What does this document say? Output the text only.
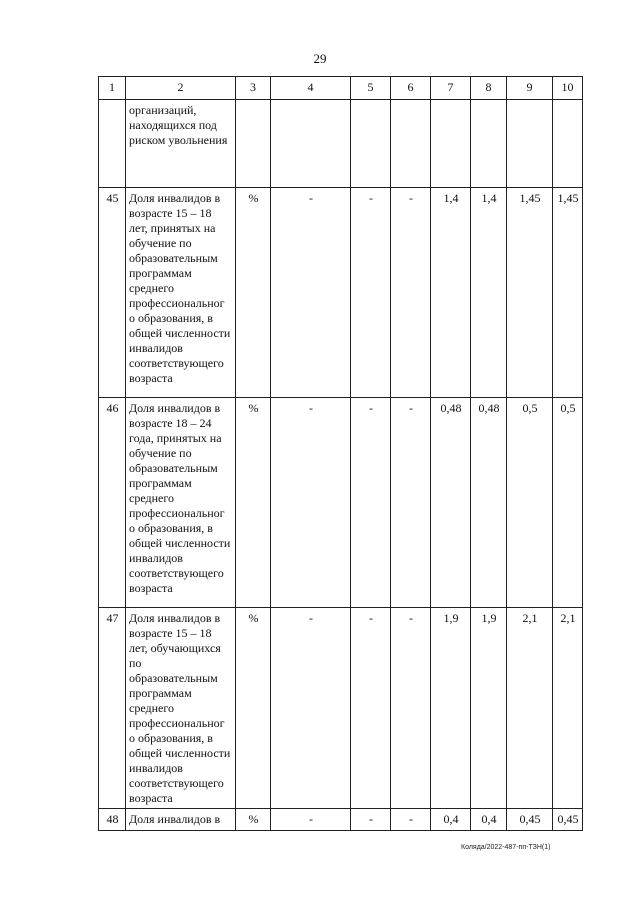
29
1	2	3	4	5	6	7	8	9	10
	организаций, находящихся под риском увольнения								
45	Доля инвалидов в возрасте 15 – 18 лет, принятых на обучение по образовательным программам среднего профессиональног о образования, в общей численности инвалидов соответствующего возраста	%	-	-	-	1,4	1,4	1,45	1,45
46	Доля инвалидов в возрасте 18 – 24 года, принятых на обучение по образовательным программам среднего профессиональног о образования, в общей численности инвалидов соответствующего возраста	%	-	-	-	0,48	0,48	0,5	0,5
47	Доля инвалидов в возрасте 15 – 18 лет, обучающихся по образовательным программам среднего профессиональног о образования, в общей численности инвалидов соответствующего возраста	%	-	-	-	1,9	1,9	2,1	2,1
48	Доля инвалидов в	%	-	-	-	0,4	0,4	0,45	0,45
Коляда/2022-487-пп-ТЗН(1)
